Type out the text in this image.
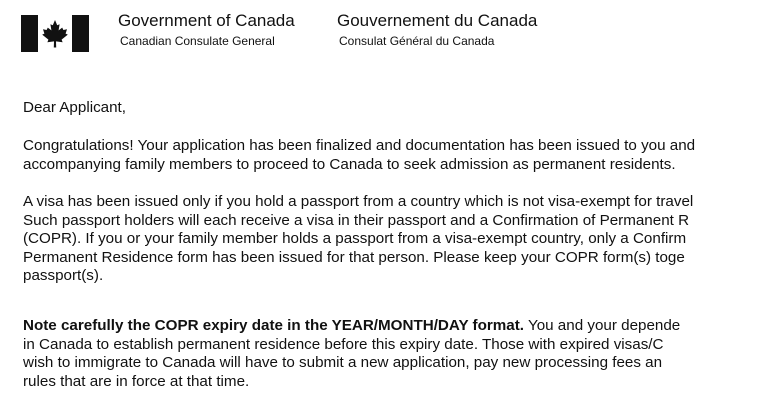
Government of Canada
Canadian Consulate General
Gouvernement du Canada
Consulat Général du Canada

Dear Applicant,

Congratulations! Your application has been finalized and documentation has been issued to you and
accompanying family members to proceed to Canada to seek admission as permanent residents.

A visa has been issued only if you hold a passport from a country which is not visa-exempt for travel
Such passport holders will each receive a visa in their passport and a Confirmation of Permanent R
(COPR). If you or your family member holds a passport from a visa-exempt country, only a Confirm
Permanent Residence form has been issued for that person. Please keep your COPR form(s) toge
passport(s).

Note carefully the COPR expiry date in the YEAR/MONTH/DAY format. You and your depende
in Canada to establish permanent residence before this expiry date. Those with expired visas/C
wish to immigrate to Canada will have to submit a new application, pay new processing fees an
rules that are in force at that time.
